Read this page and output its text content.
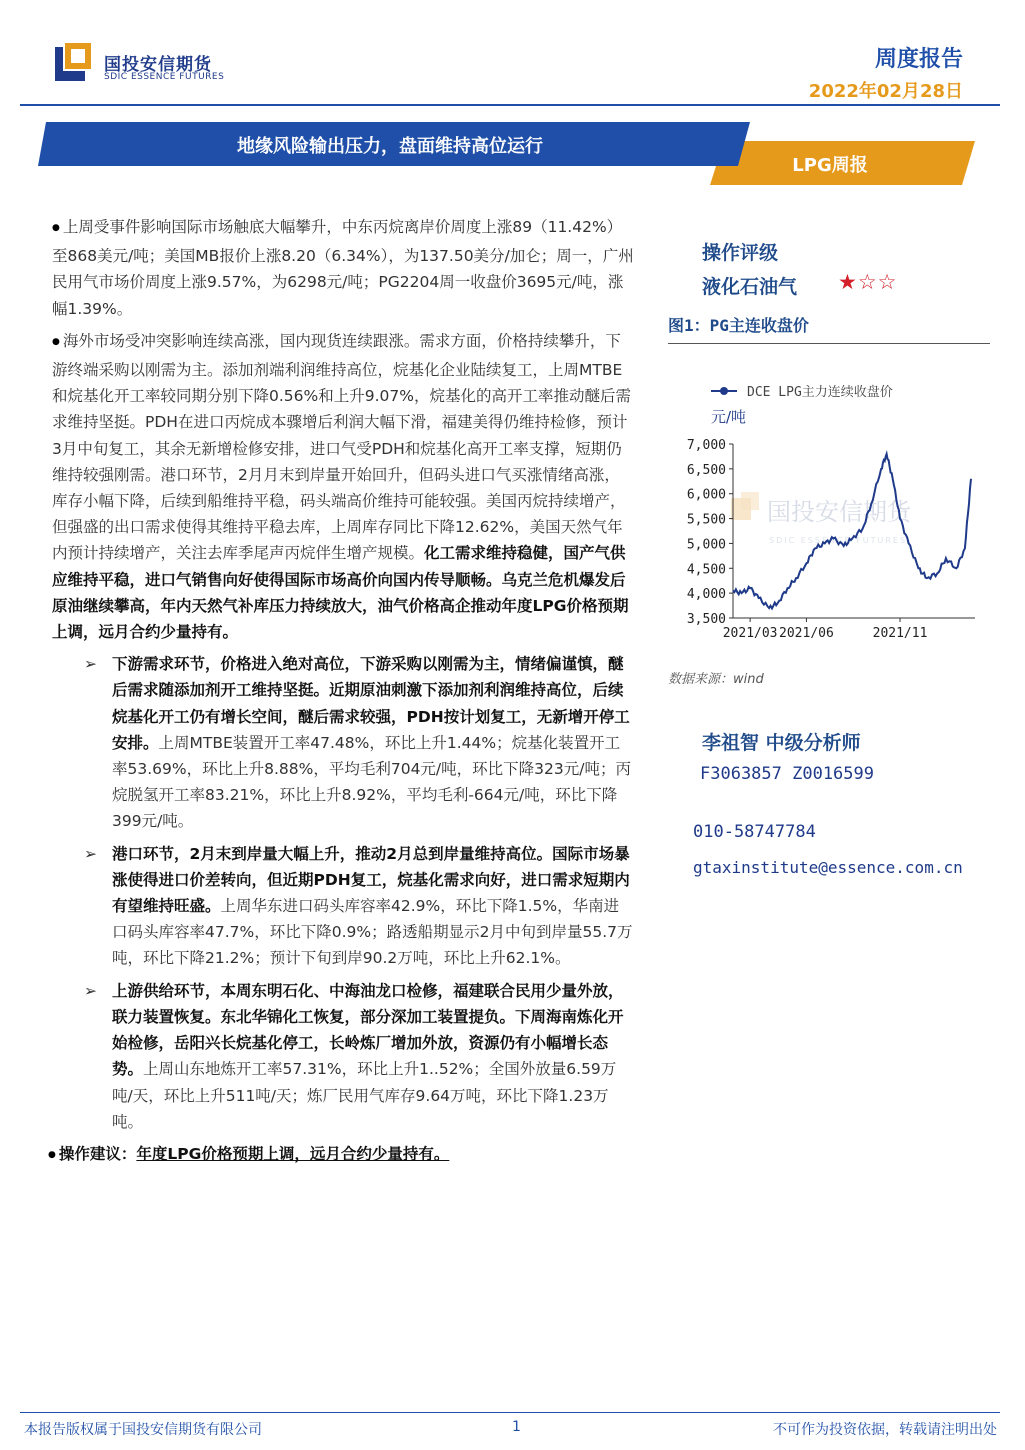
国投安信期货
SDIC ESSENCE FUTURES
周度报告
2022年02月28日
地缘风险输出压力，盘面维持高位运行
LPG周报

● 上周受事件影响国际市场触底大幅攀升，中东丙烷离岸价周度上涨89（11.42%）至868美元/吨；美国MB报价上涨8.20（6.34%），为137.50美分/加仑；周一，广州民用气市场价周度上涨9.57%，为6298元/吨；PG2204周一收盘价3695元/吨，涨幅1.39%。

● 海外市场受冲突影响连续高涨，国内现货连续跟涨。需求方面，价格持续攀升，下游终端采购以刚需为主。添加剂端利润维持高位，烷基化企业陆续复工，上周MTBE和烷基化开工率较同期分别下降0.56%和上升9.07%，烷基化的高开工率推动醚后需求维持坚挺。PDH在进口丙烷成本骤增后利润大幅下滑，福建美得仍维持检修，预计3月中旬复工，其余无新增检修安排，进口气受PDH和烷基化高开工率支撑，短期仍维持较强刚需。港口环节，2月月末到岸量开始回升，但码头进口气买涨情绪高涨，库存小幅下降，后续到船维持平稳，码头端高价维持可能较强。美国丙烷持续增产，但强盛的出口需求使得其维持平稳去库，上周库存同比下降12.62%，美国天然气年内预计持续增产，关注去库季尾声丙烷伴生增产规模。化工需求维持稳健，国产气供应维持平稳，进口气销售向好使得国际市场高价向国内传导顺畅。乌克兰危机爆发后原油继续攀高，年内天然气补库压力持续放大，油气价格高企推动年度LPG价格预期上调，远月合约少量持有。

➢ 下游需求环节，价格进入绝对高位，下游采购以刚需为主，情绪偏谨慎，醚后需求随添加剂开工维持坚挺。近期原油刺激下添加剂利润维持高位，后续烷基化开工仍有增长空间，醚后需求较强，PDH按计划复工，无新增开停工安排。上周MTBE装置开工率47.48%，环比上升1.44%；烷基化装置开工率53.69%，环比上升8.88%，平均毛利704元/吨，环比下降323元/吨；丙烷脱氢开工率83.21%，环比上升8.92%，平均毛利-664元/吨，环比下降399元/吨。

➢ 港口环节，2月末到岸量大幅上升，推动2月总到岸量维持高位。国际市场暴涨使得进口价差转向，但近期PDH复工，烷基化需求向好，进口需求短期内有望维持旺盛。上周华东进口码头库容率42.9%，环比下降1.5%，华南进口码头库容率47.7%，环比下降0.9%；路透船期显示2月中旬到岸量55.7万吨，环比下降21.2%；预计下旬到岸90.2万吨，环比上升62.1%。

➢ 上游供给环节，本周东明石化、中海油龙口检修，福建联合民用少量外放，联力装置恢复。东北华锦化工恢复，部分深加工装置提负。下周海南炼化开始检修，岳阳兴长烷基化停工，长岭炼厂增加外放，资源仍有小幅增长态势。上周山东地炼开工率57.31%，环比上升1..52%；全国外放量6.59万吨/天，环比上升511吨/天；炼厂民用气库存9.64万吨，环比下降1.23万吨。

● 操作建议：年度LPG价格预期上调，远月合约少量持有。

操作评级
液化石油气 ★☆☆
图1：PG主连收盘价
国投安信期货
SDIC ESSENCE FUTURES
DCE LPG主力连续收盘价
元/吨
7,000
6,500
6,000
5,500
5,000
4,500
4,000
3,500
2021/03 2021/06	2021/11
数据来源：wind
李祖智 中级分析师
F3063857 Z0016599
010-58747784
gtaxinstitute@essence.com.cn
本报告版权属于国投安信期货有限公司	1	不可作为投资依据，转载请注明出处
